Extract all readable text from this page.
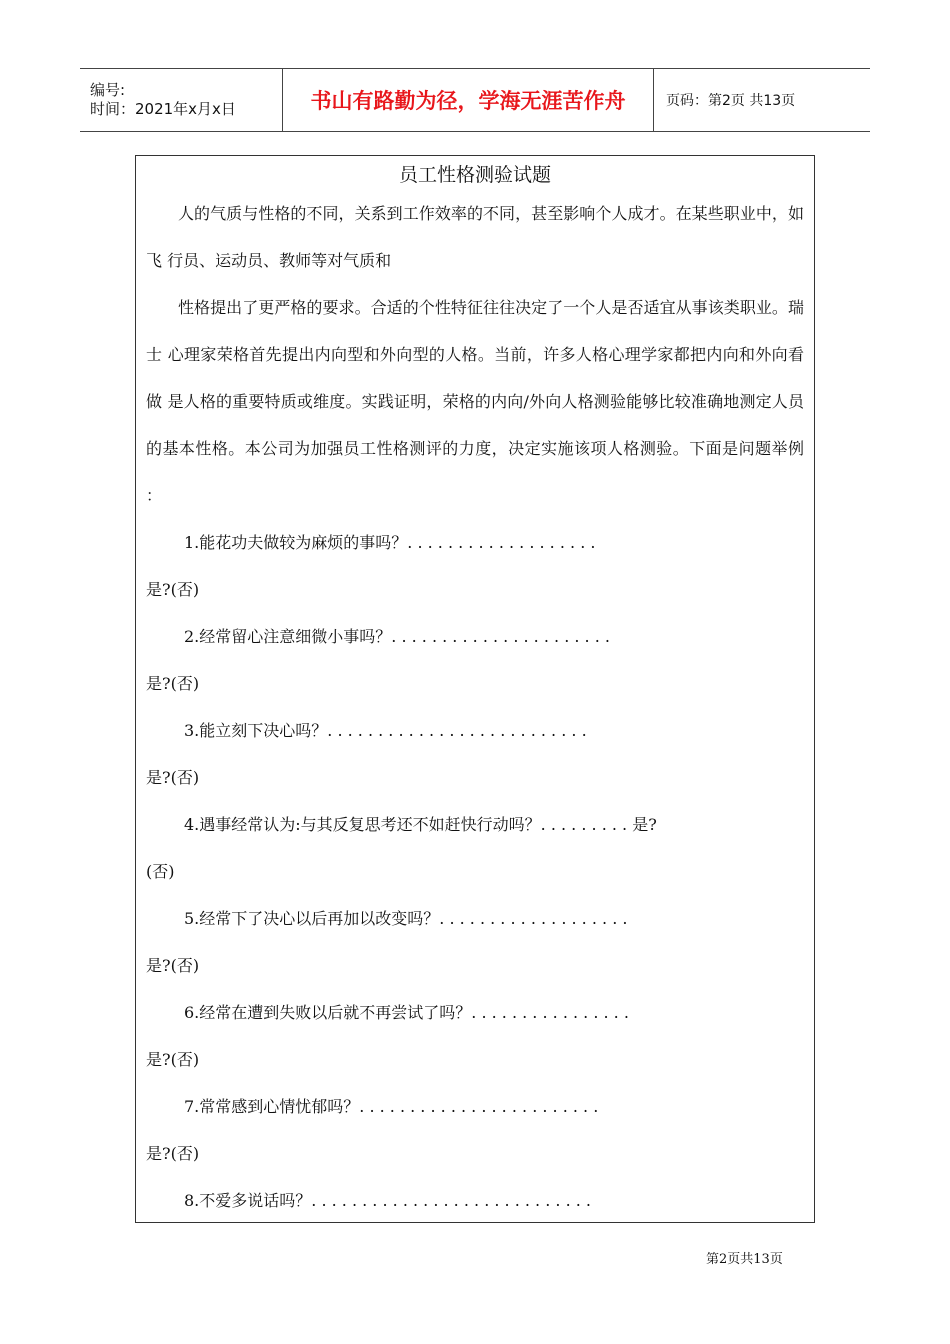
编号:
时间：2021年x月x日	书山有路勤为径，学海无涯苦作舟	页码：第2页 共13页
员工性格测验试题

人的气质与性格的不同，关系到工作效率的不同，甚至影响个人成才。在某些职业中，如飞 行员、运动员、教师等对气质和

性格提出了更严格的要求。合适的个性特征往往决定了一个人是否适宜从事该类职业。瑞士 心理家荣格首先提出内向型和外向型的人格。当前，许多人格心理学家都把内向和外向看做 是人格的重要特质或维度。实践证明，荣格的内向/外向人格测验能够比较准确地测定人员 的基本性格。本公司为加强员工性格测评的力度，决定实施该项人格测验。下面是问题举例 ：

1.能花功夫做较为麻烦的事吗？. . . . . . . . . . . . . . . . . . .
是?(否)
2.经常留心注意细微小事吗？. . . . . . . . . . . . . . . . . . . . . .
是?(否)
3.能立刻下决心吗？. . . . . . . . . . . . . . . . . . . . . . . . . .
是?(否)
4.遇事经常认为:与其反复思考还不如赶快行动吗？. . . . . . . . . 是?
(否)
5.经常下了决心以后再加以改变吗？. . . . . . . . . . . . . . . . . . .
是?(否)
6.经常在遭到失败以后就不再尝试了吗？. . . . . . . . . . . . . . . .
是?(否)
7.常常感到心情忧郁吗？. . . . . . . . . . . . . . . . . . . . . . . .
是?(否)
8.不爱多说话吗？. . . . . . . . . . . . . . . . . . . . . . . . . . . .
第2页共13页
